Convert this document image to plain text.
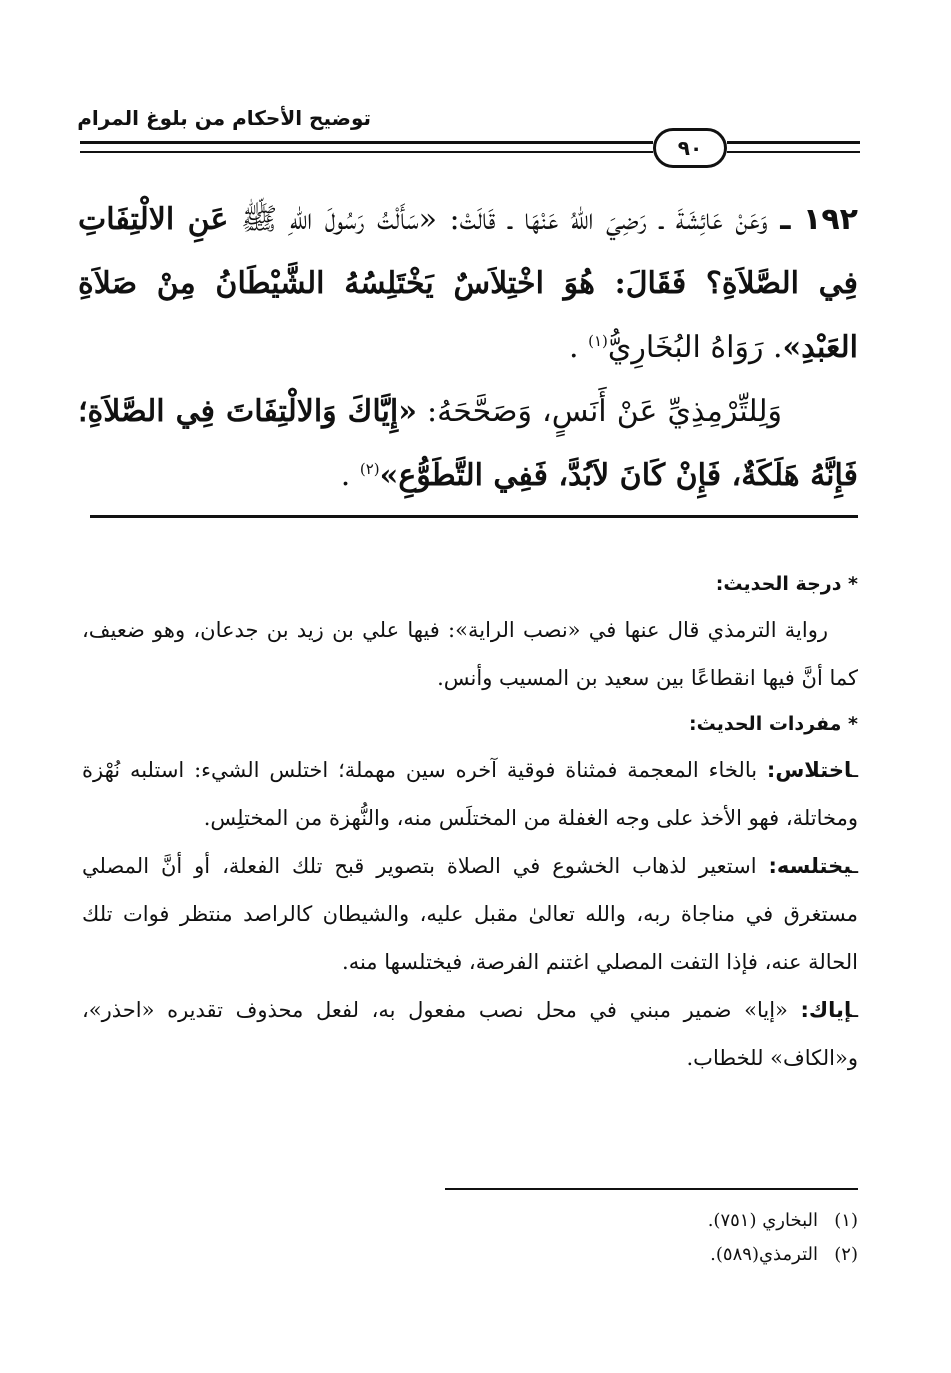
توضيح الأحكام من بلوغ المرام
٩٠

١٩٢ ـ وَعَنْ عَائِشَةَ ـ رَضِيَ اللهُ عَنْهَا ـ قَالَتْ: «سَأَلْتُ رَسُولَ اللهِ ﷺ عَنِ الالْتِفَاتِ فِي الصَّلاَةِ؟ فَقَالَ: هُوَ اخْتِلاَسٌ يَخْتَلِسُهُ الشَّيْطَانُ مِنْ صَلاَةِ العَبْدِ». رَوَاهُ البُخَارِيُّ$^{(١)}$ .

وَلِلتِّرْمِذِيِّ عَنْ أَنَسٍ، وَصَحَّحَهُ: «إِيَّاكَ وَالالْتِفَاتَ فِي الصَّلاَةِ؛ فَإِنَّهُ هَلَكَةٌ، فَإِنْ كَانَ لاَبُدَّ، فَفِي التَّطَوُّعِ»$^{(٢)}$ .

* درجة الحديث:

رواية الترمذي قال عنها في «نصب الراية»: فيها علي بن زيد بن جدعان، وهو ضعيف، كما أنَّ فيها انقطاعًا بين سعيد بن المسيب وأنس.

* مفردات الحديث:

ـاختلاس: بالخاء المعجمة فمثناة فوقية آخره سين مهملة؛ اختلس الشيء: استلبه نُهْزة ومخاتلة، فهو الأخذ على وجه الغفلة من المختلَس منه، والنُّهزة من المختلِس.

ـيختلسه: استعير لذهاب الخشوع في الصلاة بتصوير قبح تلك الفعلة، أو أنَّ المصلي مستغرق في مناجاة ربه، والله تعالىٰ مقبل عليه، والشيطان كالراصد منتظر فوات تلك الحالة عنه، فإذا التفت المصلي اغتنم الفرصة، فيختلسها منه.

ـإياك: «إيا» ضمير مبني في محل نصب مفعول به، لفعل محذوف تقديره «احذر»، و«الكاف» للخطاب.

(١)البخاري (٧٥١).

(٢)الترمذي(٥٨٩).
